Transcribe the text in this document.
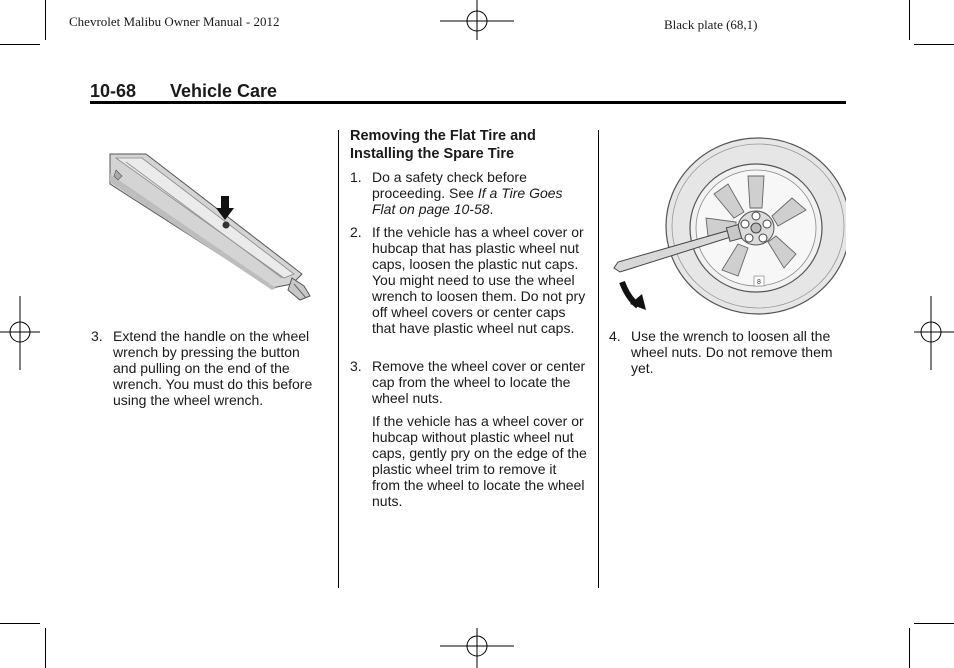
Chevrolet Malibu Owner Manual - 2012	Black plate (68,1)
10-68 Vehicle Care
3. Extend the handle on the wheel wrench by pressing the button and pulling on the end of the wrench. You must do this before using the wheel wrench.
Removing the Flat Tire and Installing the Spare Tire
1. Do a safety check before proceeding. See If a Tire Goes Flat on page 10-58.
2. If the vehicle has a wheel cover or hubcap that has plastic wheel nut caps, loosen the plastic nut caps. You might need to use the wheel wrench to loosen them. Do not pry off wheel covers or center caps that have plastic wheel nut caps.
3. Remove the wheel cover or center cap from the wheel to locate the wheel nuts.
If the vehicle has a wheel cover or hubcap without plastic wheel nut caps, gently pry on the edge of the plastic wheel trim to remove it from the wheel to locate the wheel nuts.
8
4. Use the wrench to loosen all the wheel nuts. Do not remove them yet.
